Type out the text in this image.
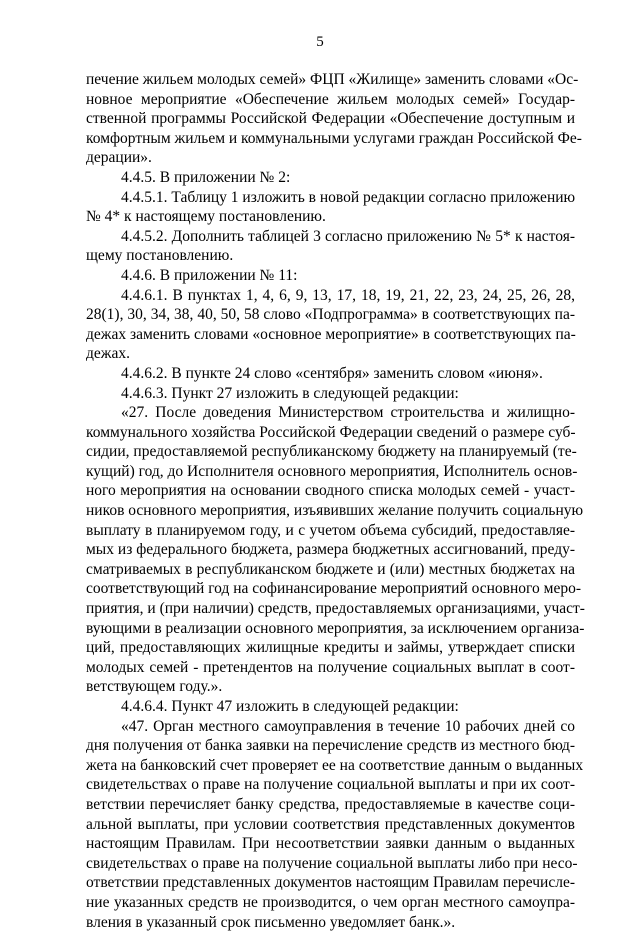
5
печение жильем молодых семей» ФЦП «Жилище» заменить словами «Ос-
новное мероприятие «Обеспечение жильем молодых семей» Государ-
ственной программы Российской Федерации «Обеспечение доступным и
комфортным жильем и коммунальными услугами граждан Российской Фе-
дерации».
4.4.5. В приложении № 2:
4.4.5.1. Таблицу 1 изложить в новой редакции согласно приложению
№ 4* к настоящему постановлению.
4.4.5.2. Дополнить таблицей 3 согласно приложению № 5* к настоя-
щему постановлению.
4.4.6. В приложении № 11:
4.4.6.1. В пунктах 1, 4, 6, 9, 13, 17, 18, 19, 21, 22, 23, 24, 25, 26, 28,
28(1), 30, 34, 38, 40, 50, 58 слово «Подпрограмма» в соответствующих па-
дежах заменить словами «основное мероприятие» в соответствующих па-
дежах.
4.4.6.2. В пункте 24 слово «сентября» заменить словом «июня».
4.4.6.3. Пункт 27 изложить в следующей редакции:
«27. После доведения Министерством строительства и жилищно-
коммунального хозяйства Российской Федерации сведений о размере суб-
сидии, предоставляемой республиканскому бюджету на планируемый (те-
кущий) год, до Исполнителя основного мероприятия, Исполнитель основ-
ного мероприятия на основании сводного списка молодых семей - участ-
ников основного мероприятия, изъявивших желание получить социальную
выплату в планируемом году, и с учетом объема субсидий, предоставляе-
мых из федерального бюджета, размера бюджетных ассигнований, преду-
сматриваемых в республиканском бюджете и (или) местных бюджетах на
соответствующий год на софинансирование мероприятий основного меро-
приятия, и (при наличии) средств, предоставляемых организациями, участ-
вующими в реализации основного мероприятия, за исключением организа-
ций, предоставляющих жилищные кредиты и займы, утверждает списки
молодых семей - претендентов на получение социальных выплат в соот-
ветствующем году.».
4.4.6.4. Пункт 47 изложить в следующей редакции:
«47. Орган местного самоуправления в течение 10 рабочих дней со
дня получения от банка заявки на перечисление средств из местного бюд-
жета на банковский счет проверяет ее на соответствие данным о выданных
свидетельствах о праве на получение социальной выплаты и при их соот-
ветствии перечисляет банку средства, предоставляемые в качестве соци-
альной выплаты, при условии соответствия представленных документов
настоящим Правилам. При несоответствии заявки данным о выданных
свидетельствах о праве на получение социальной выплаты либо при несо-
ответствии представленных документов настоящим Правилам перечисле-
ние указанных средств не производится, о чем орган местного самоупра-
вления в указанный срок письменно уведомляет банк.».
